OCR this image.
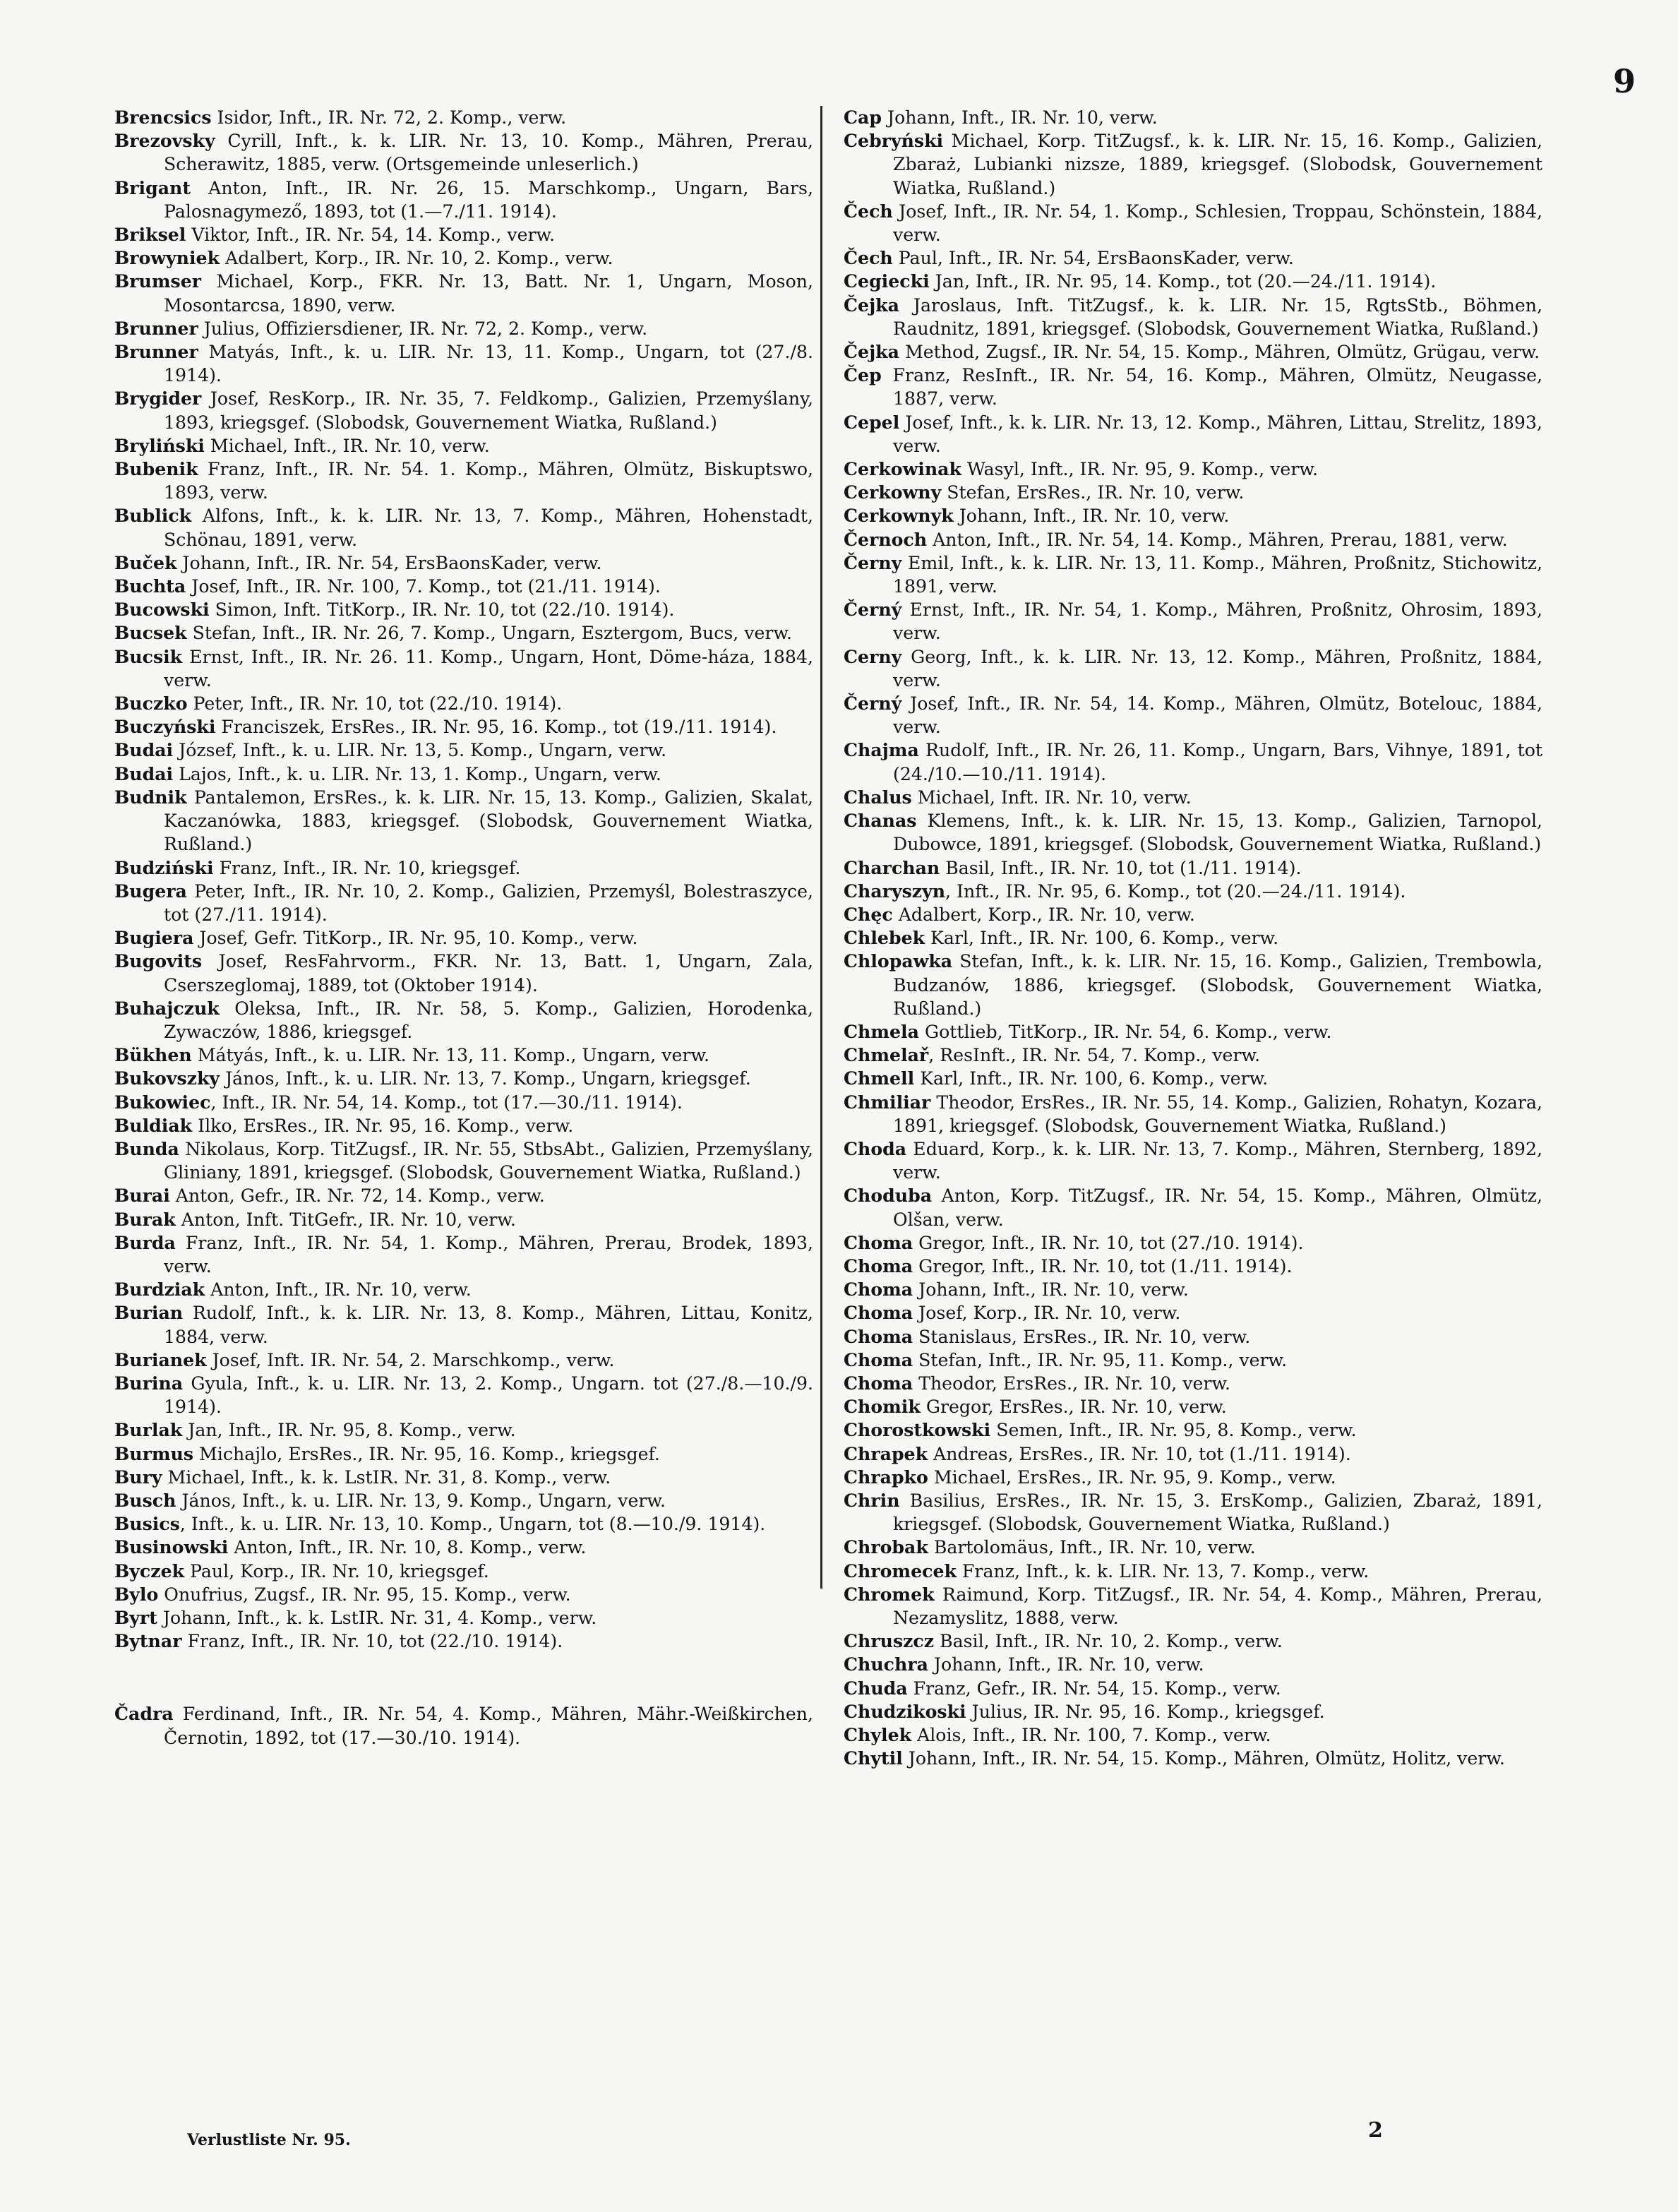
9
Brencsics Isidor, Inft., IR. Nr. 72, 2. Komp., verw.
Brezovsky Cyrill, Inft., k. k. LIR. Nr. 13, 10. Komp., Mähren, Prerau, Scherawitz, 1885, verw. (Ortsgemeinde unleserlich.)
Brigant Anton, Inft., IR. Nr. 26, 15. Marschkomp., Ungarn, Bars, Palosnagymező, 1893, tot (1.—7./11. 1914).
Briksel Viktor, Inft., IR. Nr. 54, 14. Komp., verw.
Browyniek Adalbert, Korp., IR. Nr. 10, 2. Komp., verw.
Brumser Michael, Korp., FKR. Nr. 13, Batt. Nr. 1, Ungarn, Moson, Mosontarcsa, 1890, verw.
Brunner Julius, Offiziersdiener, IR. Nr. 72, 2. Komp., verw.
Brunner Matyás, Inft., k. u. LIR. Nr. 13, 11. Komp., Ungarn, tot (27./8. 1914).
Brygider Josef, ResKorp., IR. Nr. 35, 7. Feldkomp., Galizien, Przemyślany, 1893, kriegsgef. (Slobodsk, Gouvernement Wiatka, Rußland.)
Bryliński Michael, Inft., IR. Nr. 10, verw.
Bubenik Franz, Inft., IR. Nr. 54. 1. Komp., Mähren, Olmütz, Biskuptswo, 1893, verw.
Bublick Alfons, Inft., k. k. LIR. Nr. 13, 7. Komp., Mähren, Hohenstadt, Schönau, 1891, verw.
Buček Johann, Inft., IR. Nr. 54, ErsBaonsKader, verw.
Buchta Josef, Inft., IR. Nr. 100, 7. Komp., tot (21./11. 1914).
Bucowski Simon, Inft. TitKorp., IR. Nr. 10, tot (22./10. 1914).
Bucsek Stefan, Inft., IR. Nr. 26, 7. Komp., Ungarn, Esztergom, Bucs, verw.
Bucsik Ernst, Inft., IR. Nr. 26. 11. Komp., Ungarn, Hont, Döme-háza, 1884, verw.
Buczko Peter, Inft., IR. Nr. 10, tot (22./10. 1914).
Buczyński Franciszek, ErsRes., IR. Nr. 95, 16. Komp., tot (19./11. 1914).
Budai József, Inft., k. u. LIR. Nr. 13, 5. Komp., Ungarn, verw.
Budai Lajos, Inft., k. u. LIR. Nr. 13, 1. Komp., Ungarn, verw.
Budnik Pantalemon, ErsRes., k. k. LIR. Nr. 15, 13. Komp., Galizien, Skalat, Kaczanówka, 1883, kriegsgef. (Slobodsk, Gouvernement Wiatka, Rußland.)
Budziński Franz, Inft., IR. Nr. 10, kriegsgef.
Bugera Peter, Inft., IR. Nr. 10, 2. Komp., Galizien, Przemyśl, Bolestraszyce, tot (27./11. 1914).
Bugiera Josef, Gefr. TitKorp., IR. Nr. 95, 10. Komp., verw.
Bugovits Josef, ResFahrvorm., FKR. Nr. 13, Batt. 1, Ungarn, Zala, Cserszeglomaj, 1889, tot (Oktober 1914).
Buhajczuk Oleksa, Inft., IR. Nr. 58, 5. Komp., Galizien, Horodenka, Zywaczów, 1886, kriegsgef.
Bükhen Mátyás, Inft., k. u. LIR. Nr. 13, 11. Komp., Ungarn, verw.
Bukovszky János, Inft., k. u. LIR. Nr. 13, 7. Komp., Ungarn, kriegsgef.
Bukowiec, Inft., IR. Nr. 54, 14. Komp., tot (17.—30./11. 1914).
Buldiak Ilko, ErsRes., IR. Nr. 95, 16. Komp., verw.
Bunda Nikolaus, Korp. TitZugsf., IR. Nr. 55, StbsAbt., Galizien, Przemyślany, Gliniany, 1891, kriegsgef. (Slobodsk, Gouvernement Wiatka, Rußland.)
Burai Anton, Gefr., IR. Nr. 72, 14. Komp., verw.
Burak Anton, Inft. TitGefr., IR. Nr. 10, verw.
Burda Franz, Inft., IR. Nr. 54, 1. Komp., Mähren, Prerau, Brodek, 1893, verw.
Burdziak Anton, Inft., IR. Nr. 10, verw.
Burian Rudolf, Inft., k. k. LIR. Nr. 13, 8. Komp., Mähren, Littau, Konitz, 1884, verw.
Burianek Josef, Inft. IR. Nr. 54, 2. Marschkomp., verw.
Burina Gyula, Inft., k. u. LIR. Nr. 13, 2. Komp., Ungarn. tot (27./8.—10./9. 1914).
Burlak Jan, Inft., IR. Nr. 95, 8. Komp., verw.
Burmus Michajlo, ErsRes., IR. Nr. 95, 16. Komp., kriegsgef.
Bury Michael, Inft., k. k. LstIR. Nr. 31, 8. Komp., verw.
Busch János, Inft., k. u. LIR. Nr. 13, 9. Komp., Ungarn, verw.
Busics, Inft., k. u. LIR. Nr. 13, 10. Komp., Ungarn, tot (8.—10./9. 1914).
Businowski Anton, Inft., IR. Nr. 10, 8. Komp., verw.
Byczek Paul, Korp., IR. Nr. 10, kriegsgef.
Bylo Onufrius, Zugsf., IR. Nr. 95, 15. Komp., verw.
Byrt Johann, Inft., k. k. LstIR. Nr. 31, 4. Komp., verw.
Bytnar Franz, Inft., IR. Nr. 10, tot (22./10. 1914).
Čadra Ferdinand, Inft., IR. Nr. 54, 4. Komp., Mähren, Mähr.-Weißkirchen, Černotin, 1892, tot (17.—30./10. 1914).
Cap Johann, Inft., IR. Nr. 10, verw.
Cebryński Michael, Korp. TitZugsf., k. k. LIR. Nr. 15, 16. Komp., Galizien, Zbaraż, Lubianki nizsze, 1889, kriegsgef. (Slobodsk, Gouvernement Wiatka, Rußland.)
Čech Josef, Inft., IR. Nr. 54, 1. Komp., Schlesien, Troppau, Schönstein, 1884, verw.
Čech Paul, Inft., IR. Nr. 54, ErsBaonsKader, verw.
Cegiecki Jan, Inft., IR. Nr. 95, 14. Komp., tot (20.—24./11. 1914).
Čejka Jaroslaus, Inft. TitZugsf., k. k. LIR. Nr. 15, RgtsStb., Böhmen, Raudnitz, 1891, kriegsgef. (Slobodsk, Gouvernement Wiatka, Rußland.)
Čejka Method, Zugsf., IR. Nr. 54, 15. Komp., Mähren, Olmütz, Grügau, verw.
Čep Franz, ResInft., IR. Nr. 54, 16. Komp., Mähren, Olmütz, Neugasse, 1887, verw.
Cepel Josef, Inft., k. k. LIR. Nr. 13, 12. Komp., Mähren, Littau, Strelitz, 1893, verw.
Cerkowinak Wasyl, Inft., IR. Nr. 95, 9. Komp., verw.
Cerkowny Stefan, ErsRes., IR. Nr. 10, verw.
Cerkownyk Johann, Inft., IR. Nr. 10, verw.
Černoch Anton, Inft., IR. Nr. 54, 14. Komp., Mähren, Prerau, 1881, verw.
Černy Emil, Inft., k. k. LIR. Nr. 13, 11. Komp., Mähren, Proßnitz, Stichowitz, 1891, verw.
Černý Ernst, Inft., IR. Nr. 54, 1. Komp., Mähren, Proßnitz, Ohrosim, 1893, verw.
Cerny Georg, Inft., k. k. LIR. Nr. 13, 12. Komp., Mähren, Proßnitz, 1884, verw.
Černý Josef, Inft., IR. Nr. 54, 14. Komp., Mähren, Olmütz, Botelouc, 1884, verw.
Chajma Rudolf, Inft., IR. Nr. 26, 11. Komp., Ungarn, Bars, Vihnye, 1891, tot (24./10.—10./11. 1914).
Chalus Michael, Inft. IR. Nr. 10, verw.
Chanas Klemens, Inft., k. k. LIR. Nr. 15, 13. Komp., Galizien, Tarnopol, Dubowce, 1891, kriegsgef. (Slobodsk, Gouvernement Wiatka, Rußland.)
Charchan Basil, Inft., IR. Nr. 10, tot (1./11. 1914).
Charyszyn, Inft., IR. Nr. 95, 6. Komp., tot (20.—24./11. 1914).
Chęc Adalbert, Korp., IR. Nr. 10, verw.
Chlebek Karl, Inft., IR. Nr. 100, 6. Komp., verw.
Chlopawka Stefan, Inft., k. k. LIR. Nr. 15, 16. Komp., Galizien, Trembowla, Budzanów, 1886, kriegsgef. (Slobodsk, Gouvernement Wiatka, Rußland.)
Chmela Gottlieb, TitKorp., IR. Nr. 54, 6. Komp., verw.
Chmelař, ResInft., IR. Nr. 54, 7. Komp., verw.
Chmell Karl, Inft., IR. Nr. 100, 6. Komp., verw.
Chmiliar Theodor, ErsRes., IR. Nr. 55, 14. Komp., Galizien, Rohatyn, Kozara, 1891, kriegsgef. (Slobodsk, Gouvernement Wiatka, Rußland.)
Choda Eduard, Korp., k. k. LIR. Nr. 13, 7. Komp., Mähren, Sternberg, 1892, verw.
Choduba Anton, Korp. TitZugsf., IR. Nr. 54, 15. Komp., Mähren, Olmütz, Olšan, verw.
Choma Gregor, Inft., IR. Nr. 10, tot (27./10. 1914).
Choma Gregor, Inft., IR. Nr. 10, tot (1./11. 1914).
Choma Johann, Inft., IR. Nr. 10, verw.
Choma Josef, Korp., IR. Nr. 10, verw.
Choma Stanislaus, ErsRes., IR. Nr. 10, verw.
Choma Stefan, Inft., IR. Nr. 95, 11. Komp., verw.
Choma Theodor, ErsRes., IR. Nr. 10, verw.
Chomik Gregor, ErsRes., IR. Nr. 10, verw.
Chorostkowski Semen, Inft., IR. Nr. 95, 8. Komp., verw.
Chrapek Andreas, ErsRes., IR. Nr. 10, tot (1./11. 1914).
Chrapko Michael, ErsRes., IR. Nr. 95, 9. Komp., verw.
Chrin Basilius, ErsRes., IR. Nr. 15, 3. ErsKomp., Galizien, Zbaraż, 1891, kriegsgef. (Slobodsk, Gouvernement Wiatka, Rußland.)
Chrobak Bartolomäus, Inft., IR. Nr. 10, verw.
Chromecek Franz, Inft., k. k. LIR. Nr. 13, 7. Komp., verw.
Chromek Raimund, Korp. TitZugsf., IR. Nr. 54, 4. Komp., Mähren, Prerau, Nezamyslitz, 1888, verw.
Chruszcz Basil, Inft., IR. Nr. 10, 2. Komp., verw.
Chuchra Johann, Inft., IR. Nr. 10, verw.
Chuda Franz, Gefr., IR. Nr. 54, 15. Komp., verw.
Chudzikoski Julius, IR. Nr. 95, 16. Komp., kriegsgef.
Chylek Alois, Inft., IR. Nr. 100, 7. Komp., verw.
Chytil Johann, Inft., IR. Nr. 54, 15. Komp., Mähren, Olmütz, Holitz, verw.
Verlustliste Nr. 95.	2
